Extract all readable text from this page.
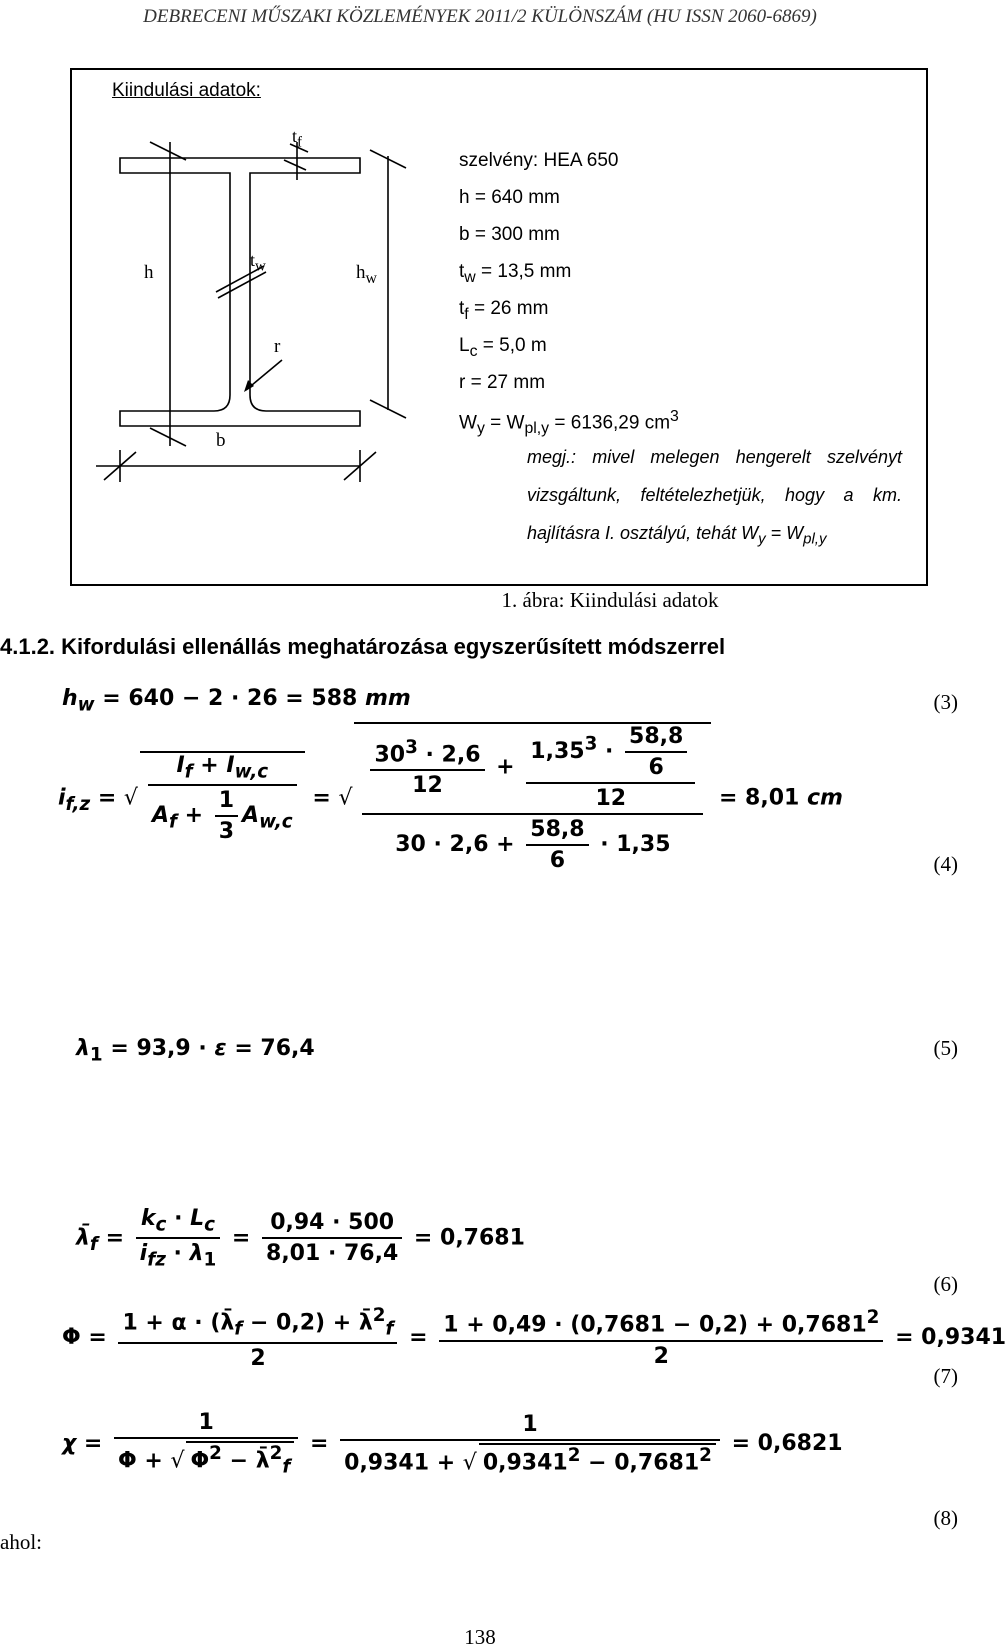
DEBRECENI MŰSZAKI KÖZLEMÉNYEK 2011/2 KÜLÖNSZÁM (HU ISSN 2060-6869)
Kiindulási adatok:
$t_f$
$t_w$
h	$h_w$
r
b
szelvény: HEA 650
h = 640 mm
b = 300 mm
$t_w = 13,5$ mm
$t_f = 26$ mm
$L_c = 5,0$ m
r = 27 mm
$W_y = W_{pl,y} = 6136,29$ $cm^3$
megj.: mivel melegen hengerelt szelvényt
vizsgáltunk, feltételezhetjük, hogy a km.
hajlításra I. osztályú, tehát $W_y = W_{pl,y}$
1. ábra: Kiindulási adatok
4.1.2. Kifordulási ellenállás meghatározása egyszerűsített módszerrel
$h_w = 640 - 2 \cdot 26 = 588$ mm	(3)
$i_{f,z}$ = √ $\frac{I_f + I_{w,c}}{A_f + \frac{1}{3} A_{w,c}}$ = √ $\frac{\frac{30^3 \cdot 2,6}{12} + \frac{1,35^3 \cdot \frac{58,8}{6}}{12}}{30 \cdot 2,6 + \frac{58,8}{6} \cdot 1,35} = 8,01$ cm
(4)
$\lambda_1 = 93,9 \cdot \varepsilon = 76,4$	(5)
$\lambdā_f = \frac{k_c \cdot L_c}{i_{fz} \cdot \lambda_1} = \frac{0,94 \cdot 500}{8,01 \cdot 76,4} = 0,7681$
(6)
$\Phi = \frac{1 + \alpha \cdot (\lambdā_f - 0,2) + \lambdā^2_f}{2} = \frac{1 + 0,49 \cdot (0,7681 - 0,2) + 0,7681^2}{2} = 0,9341$
(7)
$\chi = \frac{1}{\Phi + √ \Phi^2 - \lambdā^2_f} = \frac{1}{0,9341 + √ 0,9341^2 - 0,7681^2} = 0,6821$
(8)
ahol:
138
